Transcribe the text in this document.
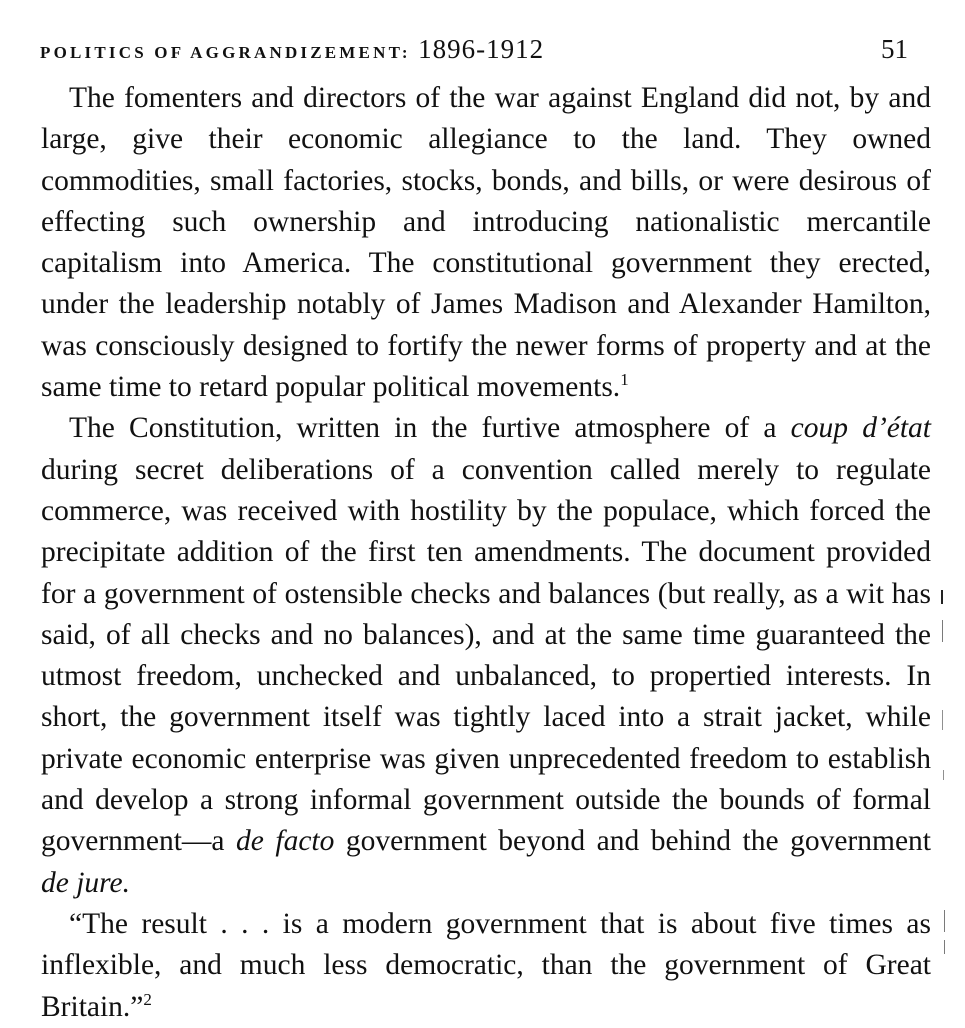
POLITICS OF AGGRANDIZEMENT: 1896-1912	51

The fomenters and directors of the war against England did not, by and large, give their economic allegiance to the land. They owned commodities, small factories, stocks, bonds, and bills, or were desirous of effecting such ownership and introducing nationalistic mercantile capitalism into America. The constitutional government they erected, under the leadership notably of James Madison and Alexander Hamilton, was consciously designed to fortify the newer forms of property and at the same time to retard popular political movements.$^1$

The Constitution, written in the furtive atmosphere of a coup d’état during secret deliberations of a convention called merely to regulate commerce, was received with hostility by the populace, which forced the precipitate addition of the first ten amendments. The document provided for a government of ostensible checks and balances (but really, as a wit has said, of all checks and no balances), and at the same time guaranteed the utmost freedom, unchecked and unbalanced, to propertied interests. In short, the government itself was tightly laced into a strait jacket, while private economic enterprise was given unprecedented freedom to establish and develop a strong informal government outside the bounds of formal government—a de facto government beyond and behind the government de jure.

“The result . . . is a modern government that is about five times as inflexible, and much less democratic, than the government of Great Britain.”$^2$
